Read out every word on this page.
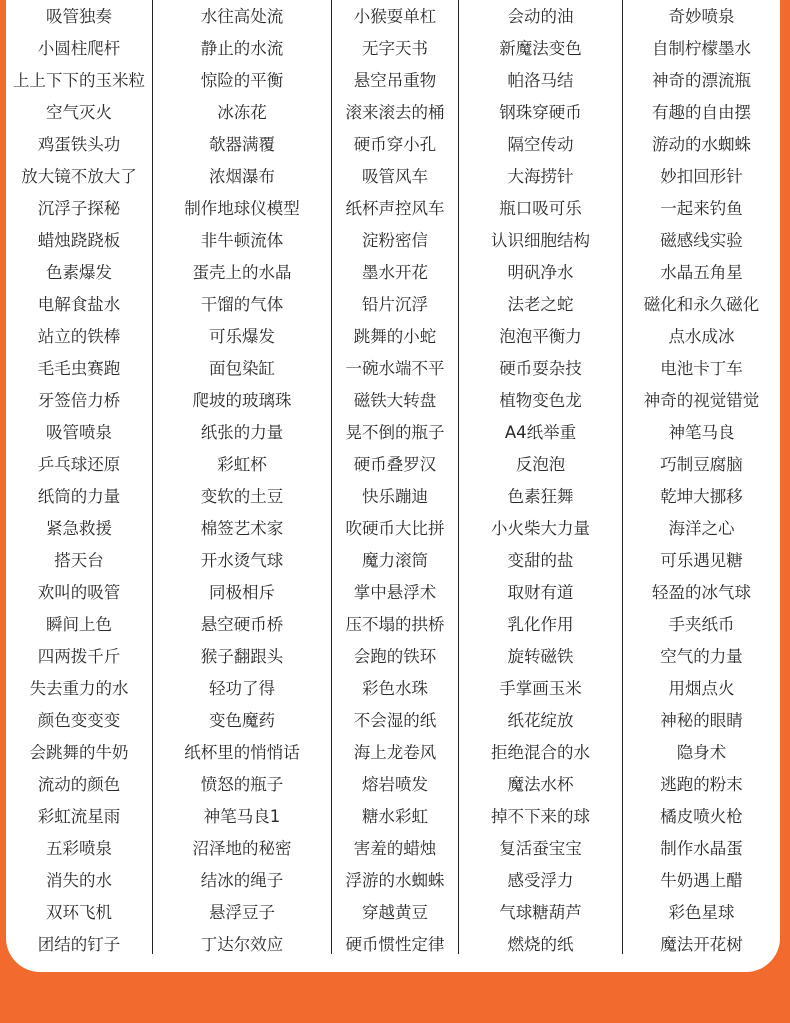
吸管独奏
小圆柱爬杆
上上下下的玉米粒
空气灭火
鸡蛋铁头功
放大镜不放大了
沉浮子探秘
蜡烛跷跷板
色素爆发
电解食盐水
站立的铁棒
毛毛虫赛跑
牙签倍力桥
吸管喷泉
乒乓球还原
纸筒的力量
紧急救援
搭天台
欢叫的吸管
瞬间上色
四两拨千斤
失去重力的水
颜色变变变
会跳舞的牛奶
流动的颜色
彩虹流星雨
五彩喷泉
消失的水
双环飞机
团结的钉子
水往高处流
静止的水流
惊险的平衡
冰冻花
欹器满覆
浓烟瀑布
制作地球仪模型
非牛顿流体
蛋壳上的水晶
干馏的气体
可乐爆发
面包染缸
爬坡的玻璃珠
纸张的力量
彩虹杯
变软的土豆
棉签艺术家
开水烫气球
同极相斥
悬空硬币桥
猴子翻跟头
轻功了得
变色魔药
纸杯里的悄悄话
愤怒的瓶子
神笔马良1
沼泽地的秘密
结冰的绳子
悬浮豆子
丁达尔效应
小猴耍单杠
无字天书
悬空吊重物
滚来滚去的桶
硬币穿小孔
吸管风车
纸杯声控风车
淀粉密信
墨水开花
铅片沉浮
跳舞的小蛇
一碗水端不平
磁铁大转盘
晃不倒的瓶子
硬币叠罗汉
快乐蹦迪
吹硬币大比拼
魔力滚筒
掌中悬浮术
压不塌的拱桥
会跑的铁环
彩色水珠
不会湿的纸
海上龙卷风
熔岩喷发
糖水彩虹
害羞的蜡烛
浮游的水蜘蛛
穿越黄豆
硬币惯性定律
会动的油
新魔法变色
帕洛马结
钢珠穿硬币
隔空传动
大海捞针
瓶口吸可乐
认识细胞结构
明矾净水
法老之蛇
泡泡平衡力
硬币耍杂技
植物变色龙
A4纸举重
反泡泡
色素狂舞
小火柴大力量
变甜的盐
取财有道
乳化作用
旋转磁铁
手掌画玉米
纸花绽放
拒绝混合的水
魔法水杯
掉不下来的球
复活蚕宝宝
感受浮力
气球糖葫芦
燃烧的纸
奇妙喷泉
自制柠檬墨水
神奇的漂流瓶
有趣的自由摆
游动的水蜘蛛
妙扣回形针
一起来钓鱼
磁感线实验
水晶五角星
磁化和永久磁化
点水成冰
电池卡丁车
神奇的视觉错觉
神笔马良
巧制豆腐脑
乾坤大挪移
海洋之心
可乐遇见糖
轻盈的冰气球
手夹纸币
空气的力量
用烟点火
神秘的眼睛
隐身术
逃跑的粉末
橘皮喷火枪
制作水晶蛋
牛奶遇上醋
彩色星球
魔法开花树
